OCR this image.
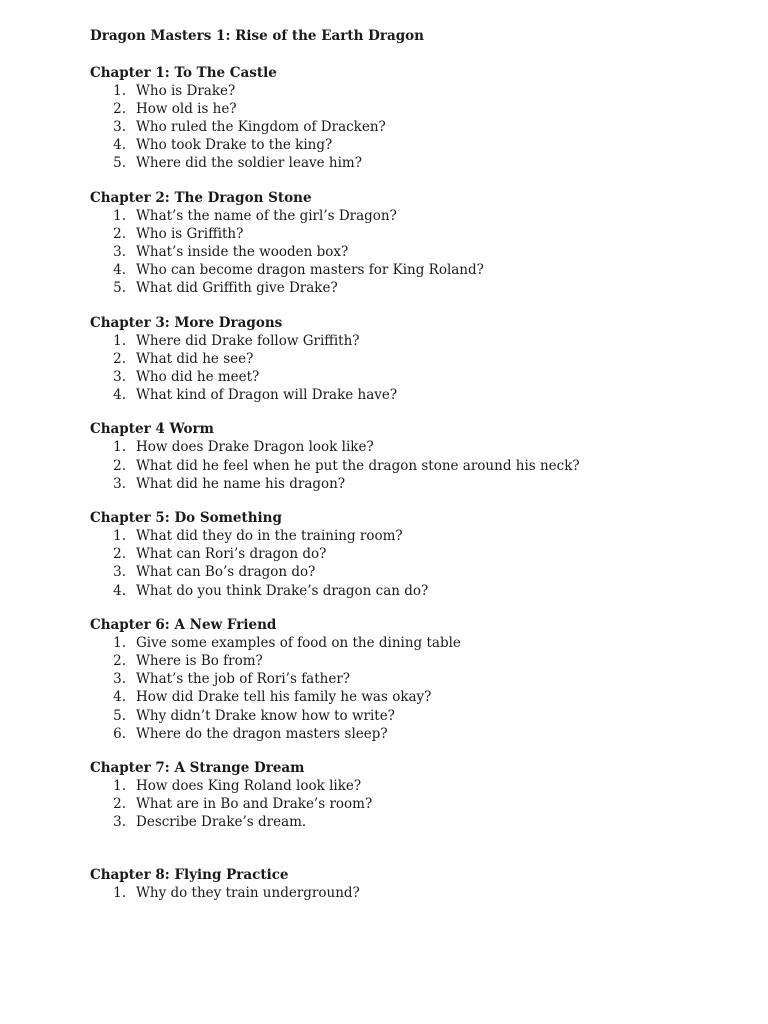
Dragon Masters 1: Rise of the Earth Dragon
Chapter 1: To The Castle
1. Who is Drake?
2. How old is he?
3. Who ruled the Kingdom of Dracken?
4. Who took Drake to the king?
5. Where did the soldier leave him?
Chapter 2: The Dragon Stone
1. What’s the name of the girl’s Dragon?
2. Who is Griffith?
3. What’s inside the wooden box?
4. Who can become dragon masters for King Roland?
5. What did Griffith give Drake?
Chapter 3: More Dragons
1. Where did Drake follow Griffith?
2. What did he see?
3. Who did he meet?
4. What kind of Dragon will Drake have?
Chapter 4 Worm
1. How does Drake Dragon look like?
2. What did he feel when he put the dragon stone around his neck?
3. What did he name his dragon?
Chapter 5: Do Something
1. What did they do in the training room?
2. What can Rori’s dragon do?
3. What can Bo’s dragon do?
4. What do you think Drake’s dragon can do?
Chapter 6: A New Friend
1. Give some examples of food on the dining table
2. Where is Bo from?
3. What’s the job of Rori’s father?
4. How did Drake tell his family he was okay?
5. Why didn’t Drake know how to write?
6. Where do the dragon masters sleep?
Chapter 7: A Strange Dream
1. How does King Roland look like?
2. What are in Bo and Drake’s room?
3. Describe Drake’s dream.
Chapter 8: Flying Practice
1. Why do they train underground?
